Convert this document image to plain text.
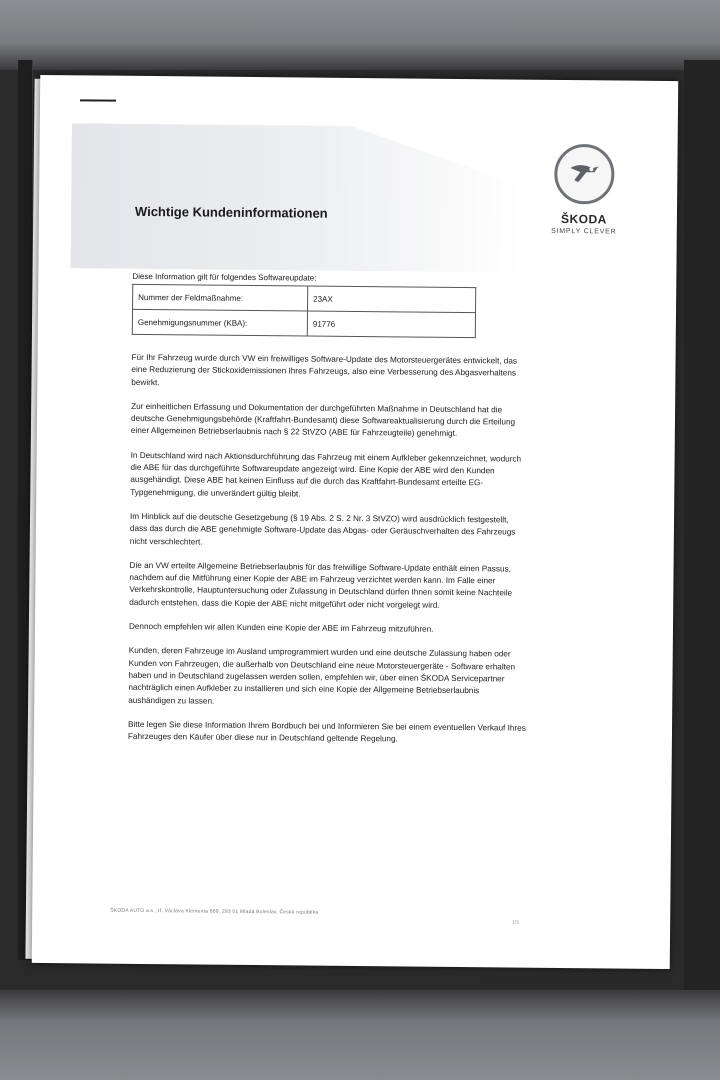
Wichtige Kundeninformationen	ŠKODA
SIMPLY CLEVER
Diese Information gilt für folgendes Softwareupdate:
Nummer der Feldmaßnahme:	23AX
Genehmigungsnummer (KBA):	91776

Für Ihr Fahrzeug wurde durch VW ein freiwilliges Software-Update des Motorsteuergerätes entwickelt, das eine Reduzierung der Stickoxidemissionen Ihres Fahrzeugs, also eine Verbesserung des Abgasverhaltens bewirkt.

Zur einheitlichen Erfassung und Dokumentation der durchgeführten Maßnahme in Deutschland hat die deutsche Genehmigungsbehörde (Kraftfahrt-Bundesamt) diese Softwareaktualisierung durch die Erteilung einer Allgemeinen Betriebserlaubnis nach § 22 StVZO (ABE für Fahrzeugteile) genehmigt.

In Deutschland wird nach Aktionsdurchführung das Fahrzeug mit einem Aufkleber gekennzeichnet, wodurch die ABE für das durchgeführte Softwareupdate angezeigt wird. Eine Kopie der ABE wird den Kunden ausgehändigt. Diese ABE hat keinen Einfluss auf die durch das Kraftfahrt-Bundesamt erteilte EG-Typgenehmigung, die unverändert gültig bleibt.

Im Hinblick auf die deutsche Gesetzgebung (§ 19 Abs. 2 S. 2 Nr. 3 StVZO) wird ausdrücklich festgestellt, dass das durch die ABE genehmigte Software-Update das Abgas- oder Geräuschverhalten des Fahrzeugs nicht verschlechtert.

Die an VW erteilte Allgemeine Betriebserlaubnis für das freiwillige Software-Update enthält einen Passus, nachdem auf die Mitführung einer Kopie der ABE im Fahrzeug verzichtet werden kann. Im Falle einer Verkehrskontrolle, Hauptuntersuchung oder Zulassung in Deutschland dürfen Ihnen somit keine Nachteile dadurch entstehen, dass die Kopie der ABE nicht mitgeführt oder nicht vorgelegt wird.

Dennoch empfehlen wir allen Kunden eine Kopie der ABE im Fahrzeug mitzuführen.

Kunden, deren Fahrzeuge im Ausland umprogrammiert wurden und eine deutsche Zulassung haben oder Kunden von Fahrzeugen, die außerhalb von Deutschland eine neue Motorsteuergeräte - Software erhalten haben und in Deutschland zugelassen werden sollen, empfehlen wir, über einen ŠKODA Servicepartner nachträglich einen Aufkleber zu installieren und sich eine Kopie der Allgemeine Betriebserlaubnis aushändigen zu lassen.

Bitte legen Sie diese Information Ihrem Bordbuch bei und Informieren Sie bei einem eventuellen Verkauf Ihres Fahrzeuges den Käufer über diese nur in Deutschland geltende Regelung.

ŠKODA AUTO a.s., tř. Václava Klementa 869, 293 01 Mladá Boleslav, Česká republika
1/1
